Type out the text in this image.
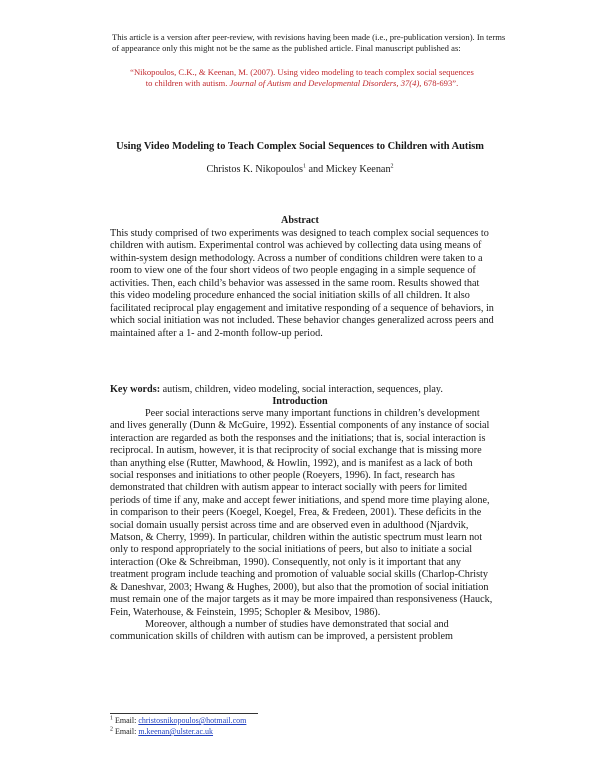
This article is a version after peer-review, with revisions having been made (i.e., pre-publication version). In terms of appearance only this might not be the same as the published article. Final manuscript published as:
“Nikopoulos, C.K., & Keenan, M. (2007). Using video modeling to teach complex social sequences
to children with autism. Journal of Autism and Developmental Disorders, 37(4), 678-693”.
Using Video Modeling to Teach Complex Social Sequences to Children with Autism
Christos K. Nikopoulos$^1$ and Mickey Keenan$^2$
Abstract
This study comprised of two experiments was designed to teach complex social sequences to children with autism. Experimental control was achieved by collecting data using means of within-system design methodology. Across a number of conditions children were taken to a room to view one of the four short videos of two people engaging in a simple sequence of activities. Then, each child’s behavior was assessed in the same room. Results showed that this video modeling procedure enhanced the social initiation skills of all children. It also facilitated reciprocal play engagement and imitative responding of a sequence of behaviors, in which social initiation was not included. These behavior changes generalized across peers and maintained after a 1- and 2-month follow-up period.
Key words: autism, children, video modeling, social interaction, sequences, play.
Introduction

Peer social interactions serve many important functions in children’s development and lives generally (Dunn & McGuire, 1992). Essential components of any instance of social interaction are regarded as both the responses and the initiations; that is, social interaction is reciprocal. In autism, however, it is that reciprocity of social exchange that is missing more than anything else (Rutter, Mawhood, & Howlin, 1992), and is manifest as a lack of both social responses and initiations to other people (Roeyers, 1996). In fact, research has demonstrated that children with autism appear to interact socially with peers for limited periods of time if any, make and accept fewer initiations, and spend more time playing alone, in comparison to their peers (Koegel, Koegel, Frea, & Fredeen, 2001). These deficits in the social domain usually persist across time and are observed even in adulthood (Njardvik, Matson, & Cherry, 1999). In particular, children within the autistic spectrum must learn not only to respond appropriately to the social initiations of peers, but also to initiate a social interaction (Oke & Schreibman, 1990). Consequently, not only is it important that any treatment program include teaching and promotion of valuable social skills (Charlop-Christy & Daneshvar, 2003; Hwang & Hughes, 2000), but also that the promotion of social initiation must remain one of the major targets as it may be more impaired than responsiveness (Hauck, Fein, Waterhouse, & Feinstein, 1995; Schopler & Mesibov, 1986).

Moreover, although a number of studies have demonstrated that social and communication skills of children with autism can be improved, a persistent problem

$^1$ Email: christosnikopoulos@hotmail.com
$^2$ Email: m.keenan@ulster.ac.uk
